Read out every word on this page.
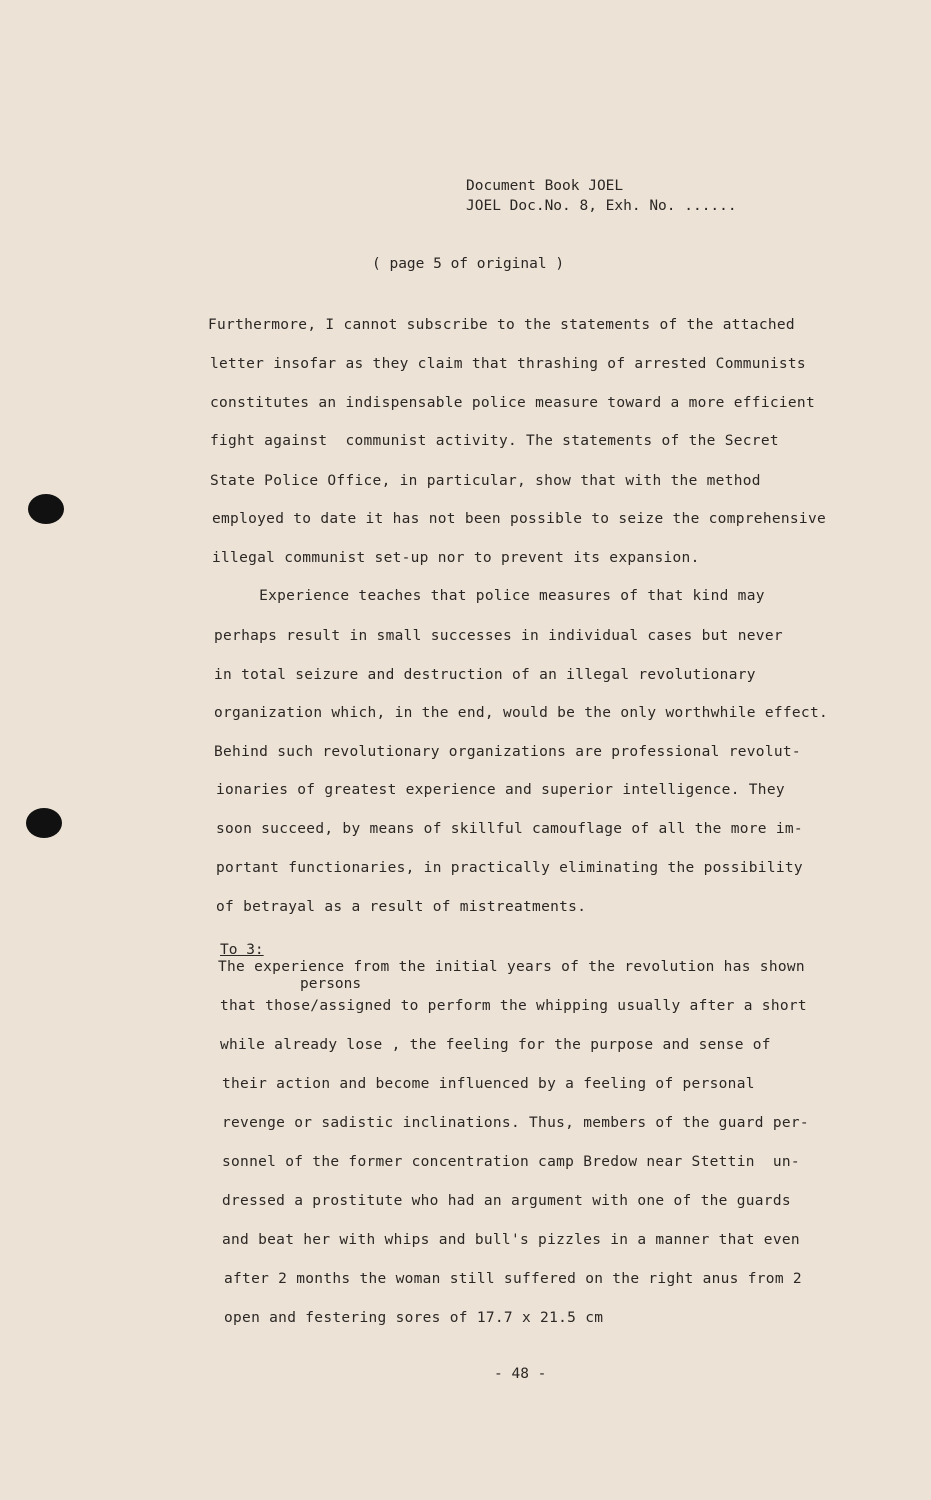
Document Book JOEL
JOEL Doc.No. 8, Exh. No. ......
( page 5 of original )
Furthermore, I cannot subscribe to the statements of the attached
letter insofar as they claim that thrashing of arrested Communists
constitutes an indispensable police measure toward a more efficient
fight against  communist activity. The statements of the Secret
State Police Office, in particular, show that with the method
employed to date it has not been possible to seize the comprehensive
illegal communist set-up nor to prevent its expansion.
Experience teaches that police measures of that kind may
perhaps result in small successes in individual cases but never
in total seizure and destruction of an illegal revolutionary
organization which, in the end, would be the only worthwhile effect.
Behind such revolutionary organizations are professional revolut-
ionaries of greatest experience and superior intelligence. They
soon succeed, by means of skillful camouflage of all the more im-
portant functionaries, in practically eliminating the possibility
of betrayal as a result of mistreatments.
To 3:
persons
The experience from the initial years of the revolution has shown
that those/assigned to perform the whipping usually after a short
while already lose , the feeling for the purpose and sense of
their action and become influenced by a feeling of personal
revenge or sadistic inclinations. Thus, members of the guard per-
sonnel of the former concentration camp Bredow near Stettin  un-
dressed a prostitute who had an argument with one of the guards
and beat her with whips and bull's pizzles in a manner that even
after 2 months the woman still suffered on the right anus from 2
open and festering sores of 17.7 x 21.5 cm
- 48 -
